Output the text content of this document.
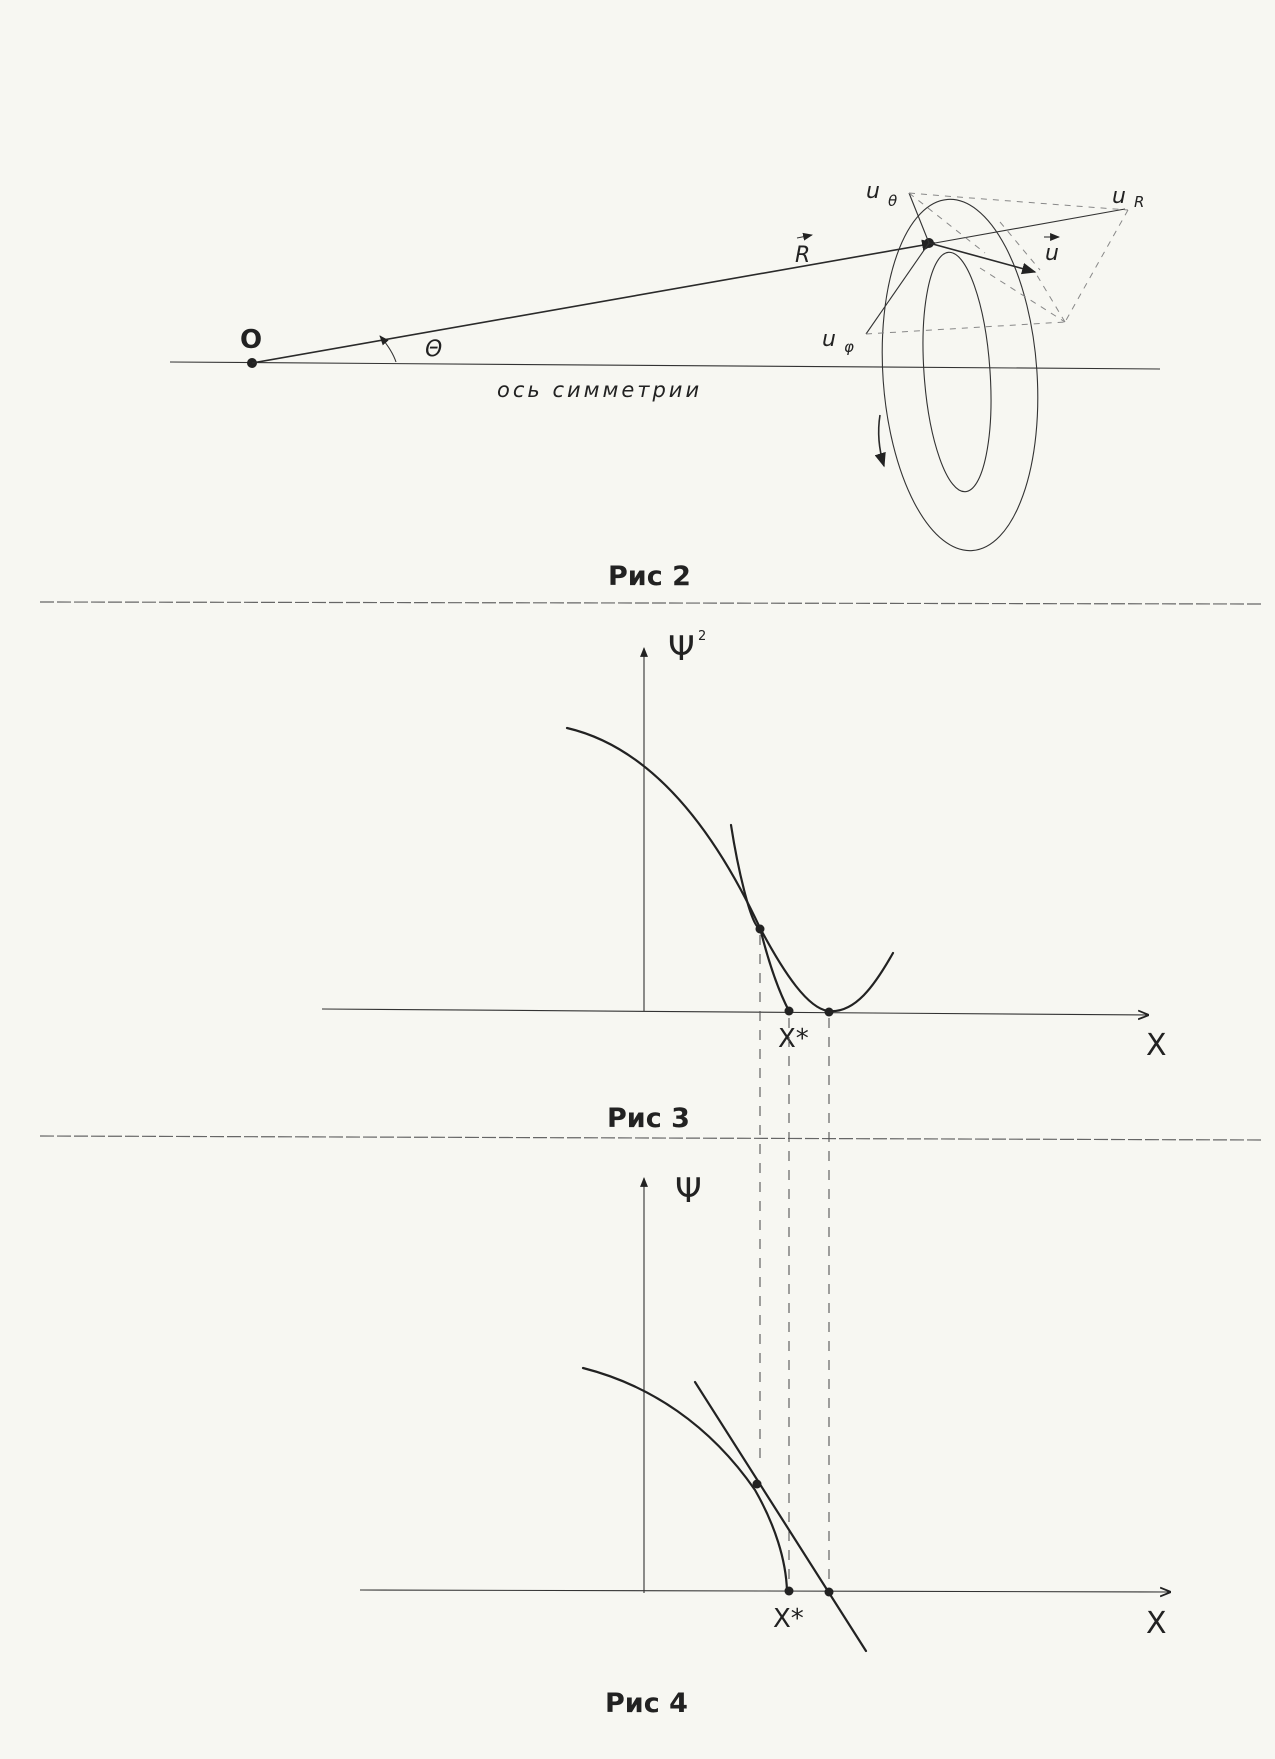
O
R
Θ
ось симметрии
u
u θ	u R
u φ
Рис 2
Ψ 2
X
X*
Рис 3
Ψ
X
X*
Рис 4
